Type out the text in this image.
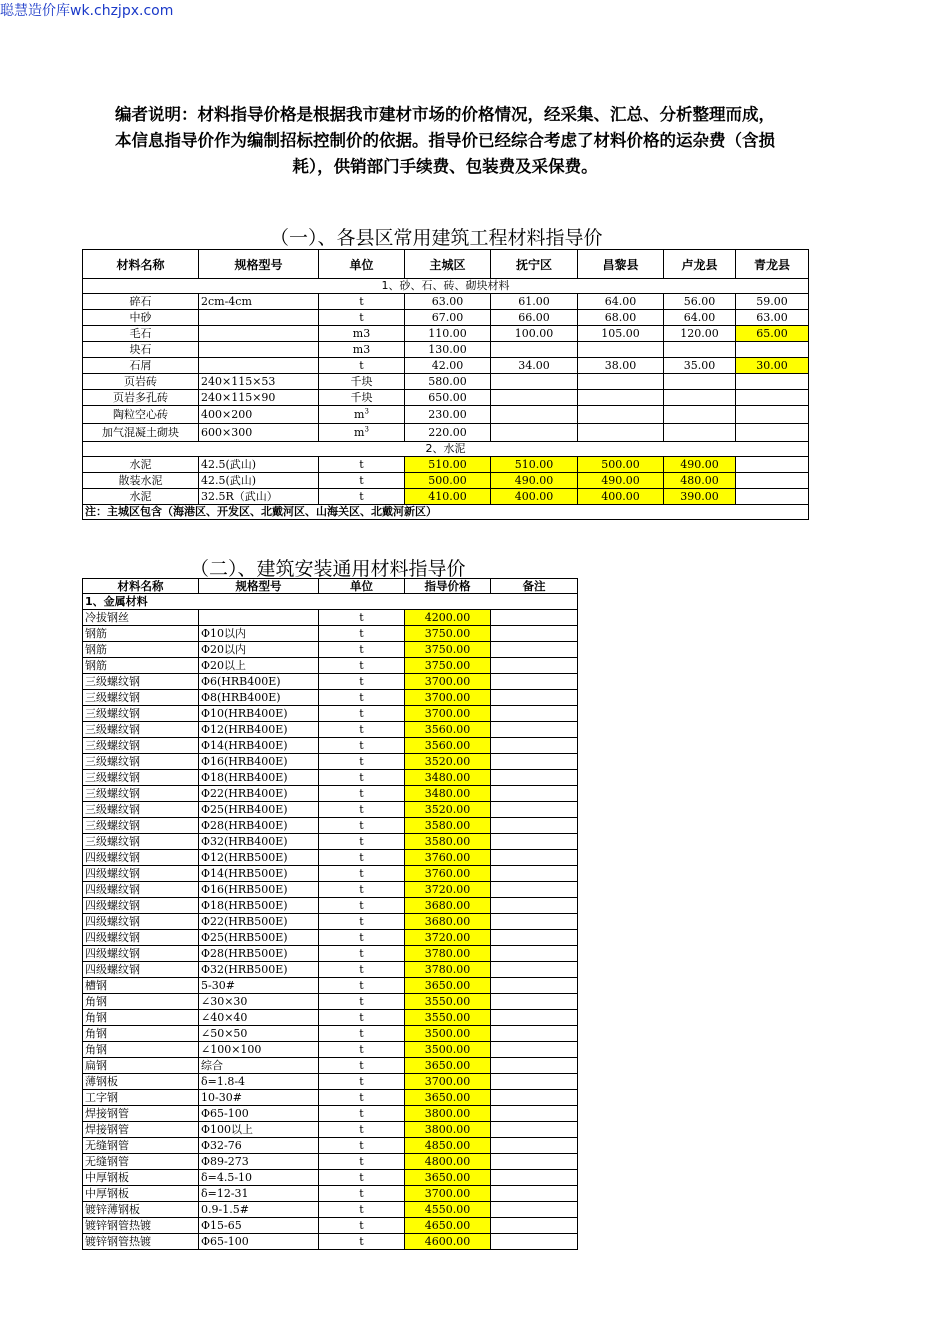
聪慧造价库wk.chzjpx.com
编者说明：材料指导价格是根据我市建材市场的价格情况，经采集、汇总、分析整理而成，
本信息指导价作为编制招标控制价的依据。指导价已经综合考虑了材料价格的运杂费（含损
耗），供销部门手续费、包装费及采保费。
（一）、各县区常用建筑工程材料指导价
材料名称	规格型号	单位	主城区	抚宁区	昌黎县	卢龙县	青龙县
1、砂、石、砖、砌块材料							
碎石	2cm-4cm	t	63.00	61.00	64.00	56.00	59.00
中砂		t	67.00	66.00	68.00	64.00	63.00
毛石		m3	110.00	100.00	105.00	120.00	65.00
块石		m3	130.00				
石屑		t	42.00	34.00	38.00	35.00	30.00
页岩砖	240×115×53	千块	580.00				
页岩多孔砖	240×115×90	千块	650.00				
陶粒空心砖	400×200	$m^3$	230.00				
加气混凝土砌块	600×300	$m^3$	220.00				
2、水泥							
水泥	42.5(武山)	t	510.00	510.00	500.00	490.00	
散装水泥	42.5(武山)	t	500.00	490.00	490.00	480.00	
水泥	32.5R（武山）	t	410.00	400.00	400.00	390.00	
注：主城区包含（海港区、开发区、北戴河区、山海关区、北戴河新区）							
（二）、建筑安装通用材料指导价
材料名称	规格型号	单位	指导价格	备注
1、金属材料				
冷拔钢丝		t	4200.00	
钢筋	Φ10以内	t	3750.00	
钢筋	Φ20以内	t	3750.00	
钢筋	Φ20以上	t	3750.00	
三级螺纹钢	Φ6(HRB400E)	t	3700.00	
三级螺纹钢	Φ8(HRB400E)	t	3700.00	
三级螺纹钢	Φ10(HRB400E)	t	3700.00	
三级螺纹钢	Φ12(HRB400E)	t	3560.00	
三级螺纹钢	Φ14(HRB400E)	t	3560.00	
三级螺纹钢	Φ16(HRB400E)	t	3520.00	
三级螺纹钢	Φ18(HRB400E)	t	3480.00	
三级螺纹钢	Φ22(HRB400E)	t	3480.00	
三级螺纹钢	Φ25(HRB400E)	t	3520.00	
三级螺纹钢	Φ28(HRB400E)	t	3580.00	
三级螺纹钢	Φ32(HRB400E)	t	3580.00	
四级螺纹钢	Φ12(HRB500E)	t	3760.00	
四级螺纹钢	Φ14(HRB500E)	t	3760.00	
四级螺纹钢	Φ16(HRB500E)	t	3720.00	
四级螺纹钢	Φ18(HRB500E)	t	3680.00	
四级螺纹钢	Φ22(HRB500E)	t	3680.00	
四级螺纹钢	Φ25(HRB500E)	t	3720.00	
四级螺纹钢	Φ28(HRB500E)	t	3780.00	
四级螺纹钢	Φ32(HRB500E)	t	3780.00	
槽钢	5-30#	t	3650.00	
角钢	∠30×30	t	3550.00	
角钢	∠40×40	t	3550.00	
角钢	∠50×50	t	3500.00	
角钢	∠100×100	t	3500.00	
扁钢	综合	t	3650.00	
薄钢板	δ=1.8-4	t	3700.00	
工字钢	10-30#	t	3650.00	
焊接钢管	Φ65-100	t	3800.00	
焊接钢管	Φ100以上	t	3800.00	
无缝钢管	Φ32-76	t	4850.00	
无缝钢管	Φ89-273	t	4800.00	
中厚钢板	δ=4.5-10	t	3650.00	
中厚钢板	δ=12-31	t	3700.00	
镀锌薄钢板	0.9-1.5#	t	4550.00	
镀锌钢管热镀	Φ15-65	t	4650.00	
镀锌钢管热镀	Φ65-100	t	4600.00	
